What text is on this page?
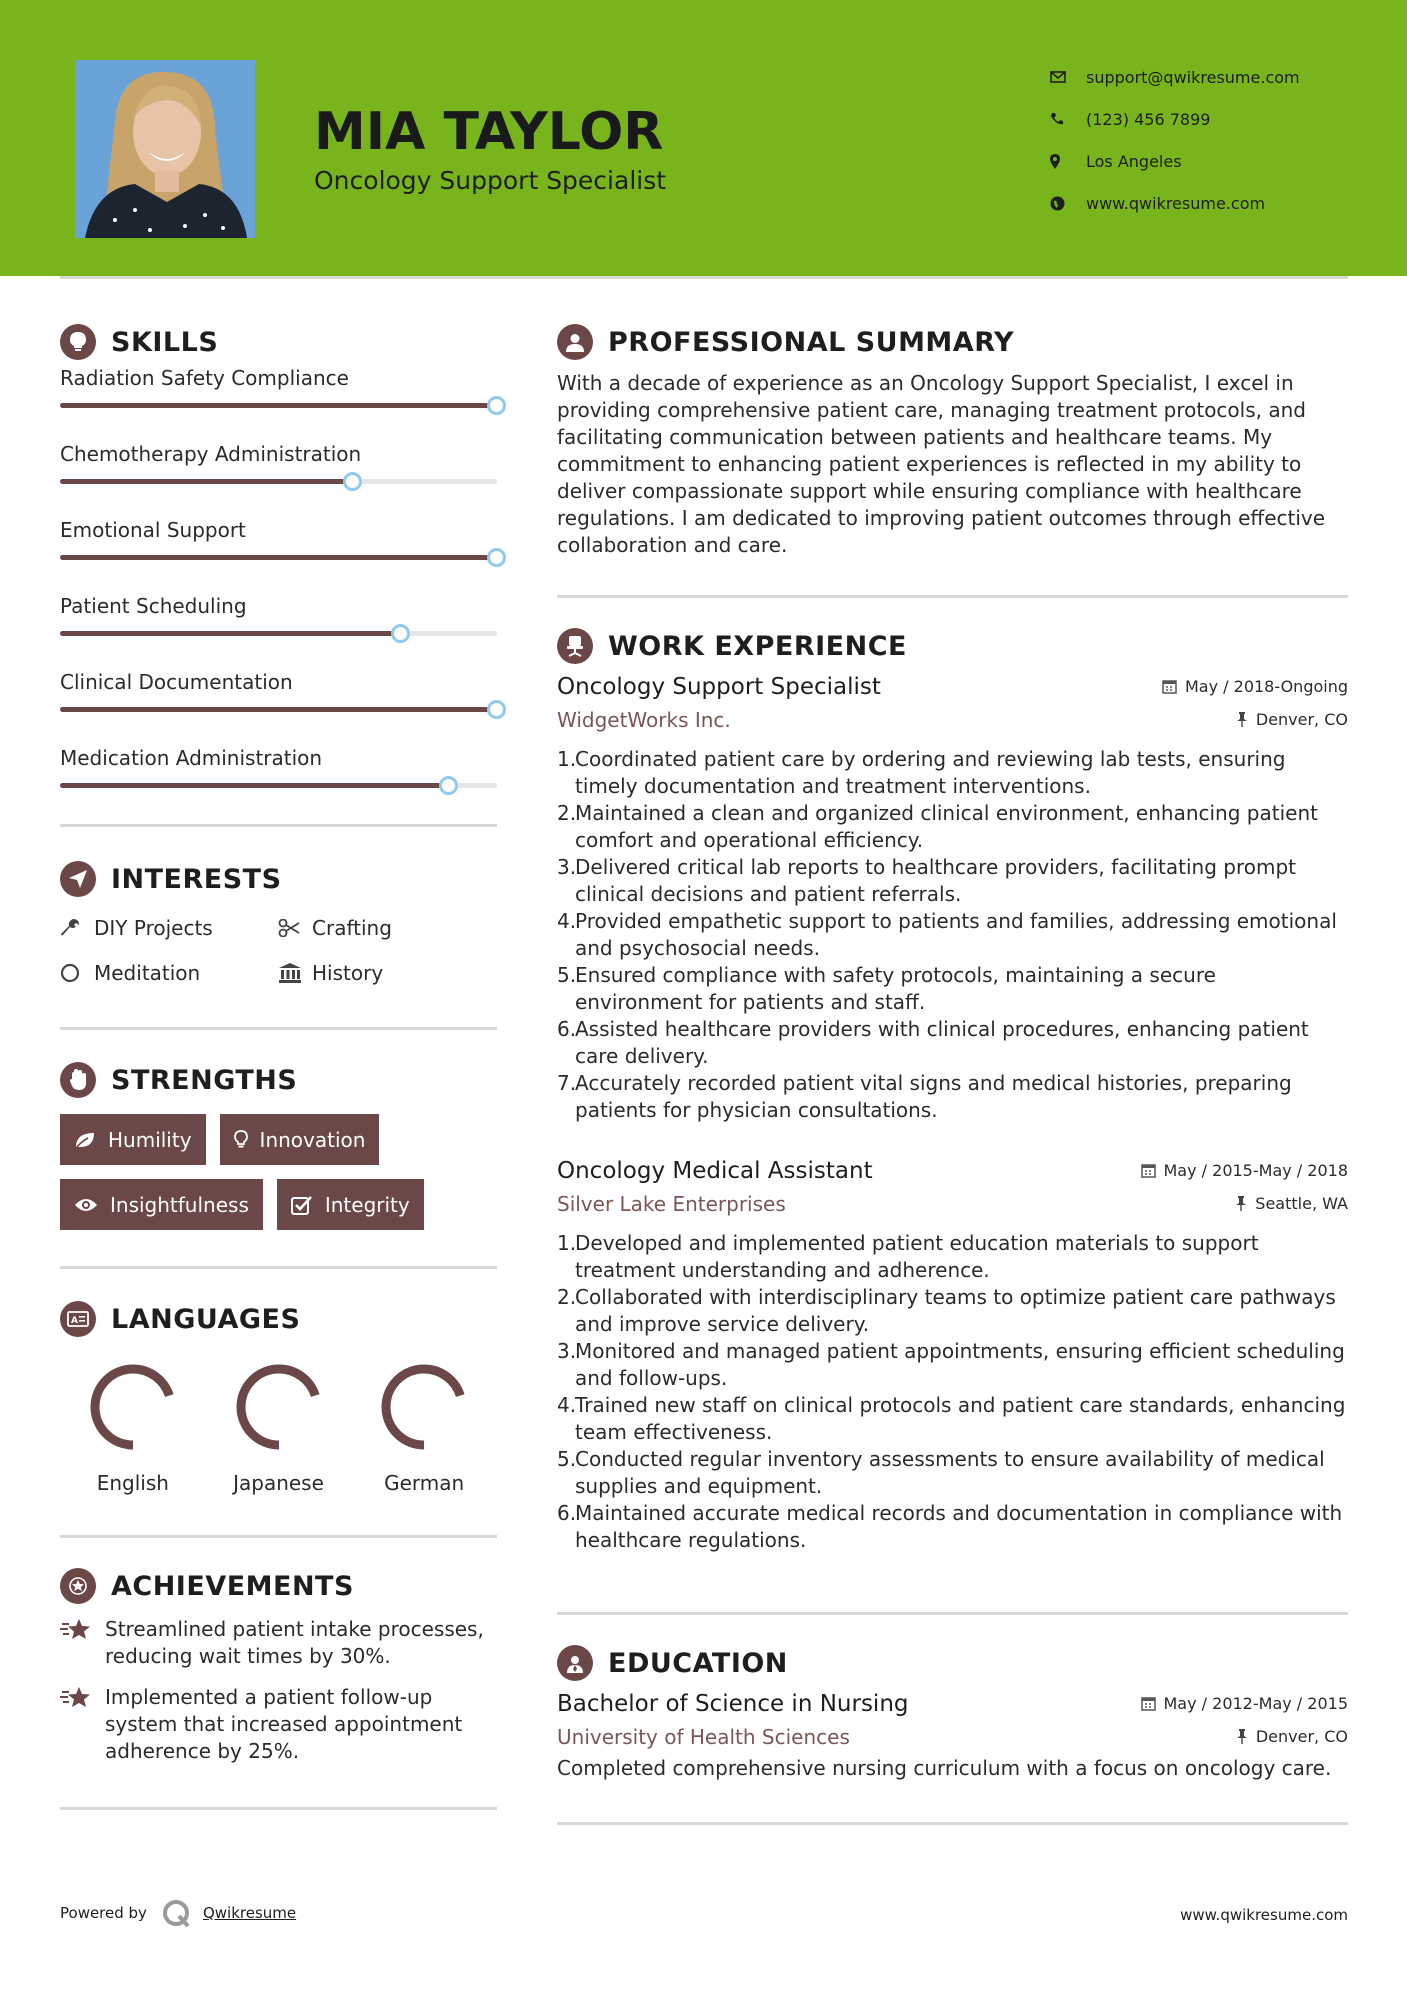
MIA TAYLOR
Oncology Support Specialist
support@qwikresume.com
(123) 456 7899
Los Angeles
www.qwikresume.com
SKILLS
Radiation Safety Compliance
Chemotherapy Administration
Emotional Support
Patient Scheduling
Clinical Documentation
Medication Administration
INTERESTS
DIY Projects	Crafting
Meditation	History
STRENGTHS
Humility	Innovation
Insightfulness	Integrity
A LANGUAGES
English	Japanese	German
ACHIEVEMENTS
Streamlined patient intake processes, reducing wait times by 30%.
Implemented a patient follow-up system that increased appointment adherence by 25%.
PROFESSIONAL SUMMARY

With a decade of experience as an Oncology Support Specialist, I excel in providing comprehensive patient care, managing treatment protocols, and facilitating communication between patients and healthcare teams. My commitment to enhancing patient experiences is reflected in my ability to deliver compassionate support while ensuring compliance with healthcare regulations. I am dedicated to improving patient outcomes through effective collaboration and care.

WORK EXPERIENCE
Oncology Support Specialist	May / 2018-Ongoing
WidgetWorks Inc.	Denver, CO
1.
Coordinated patient care by ordering and reviewing lab tests, ensuring timely documentation and treatment interventions.
2.
Maintained a clean and organized clinical environment, enhancing patient comfort and operational efficiency.
3.
Delivered critical lab reports to healthcare providers, facilitating prompt clinical decisions and patient referrals.
4.
Provided empathetic support to patients and families, addressing emotional and psychosocial needs.
5.
Ensured compliance with safety protocols, maintaining a secure environment for patients and staff.
6.
Assisted healthcare providers with clinical procedures, enhancing patient care delivery.
7.
Accurately recorded patient vital signs and medical histories, preparing patients for physician consultations.
Oncology Medical Assistant	May / 2015-May / 2018
Silver Lake Enterprises	Seattle, WA
1.
Developed and implemented patient education materials to support treatment understanding and adherence.
2.
Collaborated with interdisciplinary teams to optimize patient care pathways and improve service delivery.
3.
Monitored and managed patient appointments, ensuring efficient scheduling and follow-ups.
4.
Trained new staff on clinical protocols and patient care standards, enhancing team effectiveness.
5.
Conducted regular inventory assessments to ensure availability of medical supplies and equipment.
6.
Maintained accurate medical records and documentation in compliance with healthcare regulations.
EDUCATION
Bachelor of Science in Nursing	May / 2012-May / 2015
University of Health Sciences	Denver, CO

Completed comprehensive nursing curriculum with a focus on oncology care.

Powered by	Qwikresume	www.qwikresume.com
